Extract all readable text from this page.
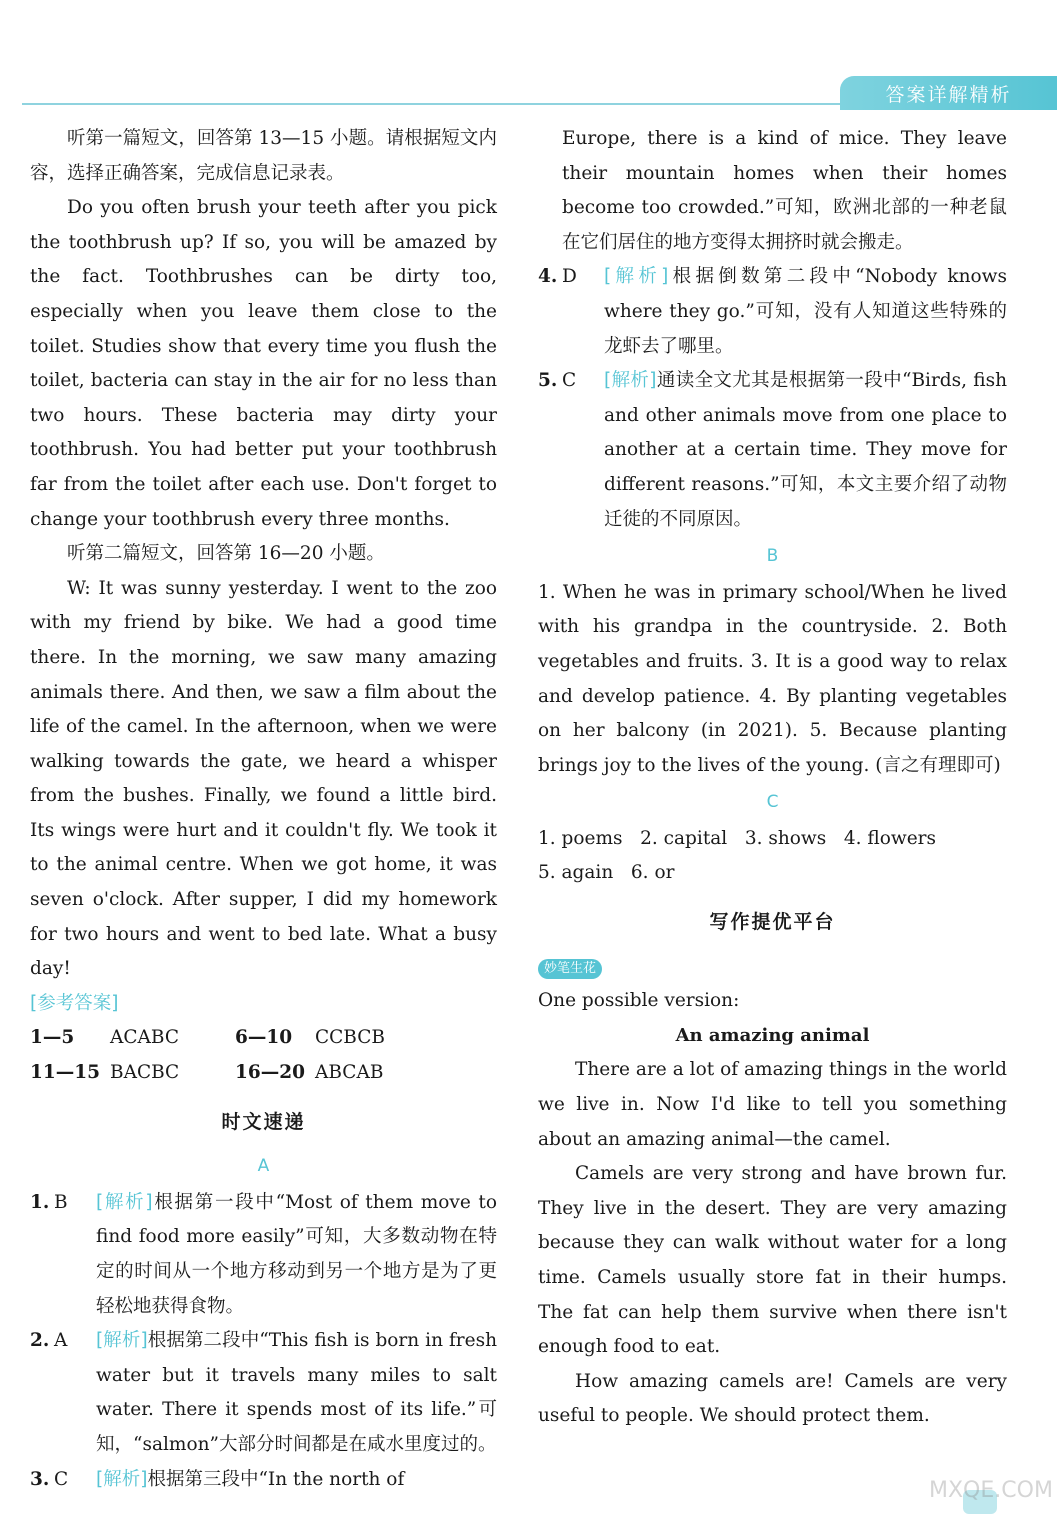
答案详解精析

听第一篇短文，回答第 13—15 小题。请根据短文内容，选择正确答案，完成信息记录表。

Do you often brush your teeth after you pick the toothbrush up? If so, you will be amazed by the fact. Toothbrushes can be dirty too, especially when you leave them close to the toilet. Studies show that every time you flush the toilet, bacteria can stay in the air for no less than two hours. These bacteria may dirty your toothbrush. You had better put your toothbrush far from the toilet after each use. Don't forget to change your toothbrush every three months.

听第二篇短文，回答第 16—20 小题。

W: It was sunny yesterday. I went to the zoo with my friend by bike. We had a good time there. In the morning, we saw many amazing animals there. And then, we saw a film about the life of the camel. In the afternoon, when we were walking towards the gate, we heard a whisper from the bushes. Finally, we found a little bird. Its wings were hurt and it couldn't fly. We took it to the animal centre. When we got home, it was seven o'clock. After supper, I did my homework for two hours and went to bed late. What a busy day!

[参考答案]
1—5	ACABC	6—10	CCBCB
11—15 BACBC	16—20 ABCAB
时文速递
A
1. B	[解析]根据第一段中“Most of them move to find food more easily”可知，大多数动物在特定的时间从一个地方移动到另一个地方是为了更轻松地获得食物。
2. A	[解析]根据第二段中“This fish is born in fresh water but it travels many miles to salt water. There it spends most of its life.”可知，“salmon”大部分时间都是在咸水里度过的。
3. C	[解析]根据第三段中“In the north of

Europe, there is a kind of mice. They leave their mountain homes when their homes become too crowded.”可知，欧洲北部的一种老鼠在它们居住的地方变得太拥挤时就会搬走。

4. D	[解析]根据倒数第二段中“Nobody knows where they go.”可知，没有人知道这些特殊的龙虾去了哪里。
5. C	[解析]通读全文尤其是根据第一段中“Birds, fish and other animals move from one place to another at a certain time. They move for different reasons.”可知，本文主要介绍了动物迁徙的不同原因。
B

1. When he was in primary school/When he lived with his grandpa in the countryside. 2. Both vegetables and fruits. 3. It is a good way to relax and develop patience. 4. By planting vegetables on her balcony (in 2021). 5. Because planting brings joy to the lives of the young. (言之有理即可)

C

1. poems   2. capital   3. shows   4. flowers

5. again   6. or

写作提优平台
妙笔生花

One possible version:

An amazing animal

There are a lot of amazing things in the world we live in. Now I'd like to tell you something about an amazing animal—the camel.

Camels are very strong and have brown fur. They live in the desert. They are very amazing because they can walk without water for a long time. Camels usually store fat in their humps. The fat can help them survive when there isn't enough food to eat.

How amazing camels are! Camels are very useful to people. We should protect them.

MXQE.COM
